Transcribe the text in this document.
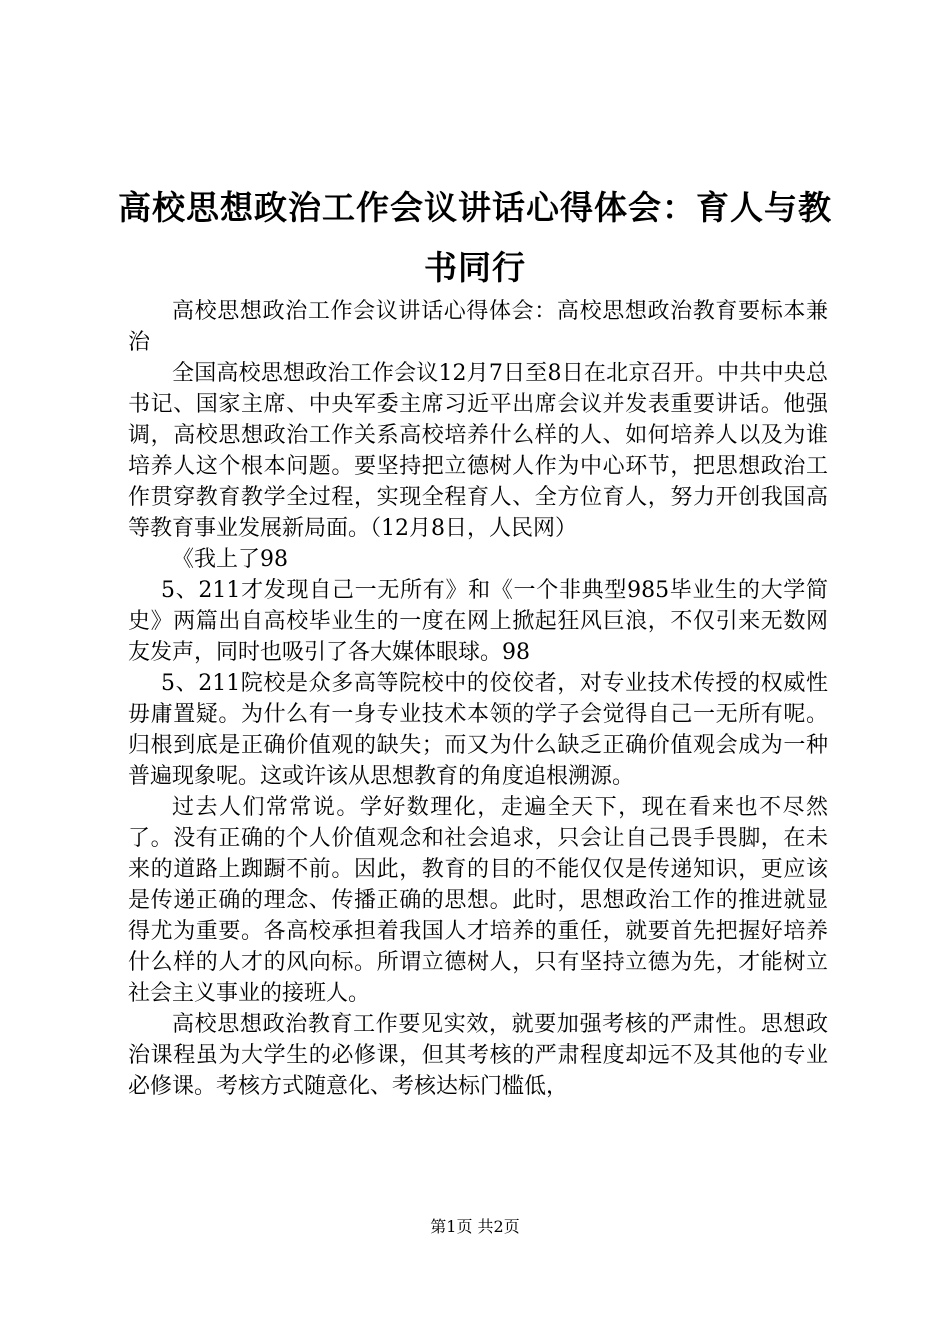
高校思想政治工作会议讲话心得体会：育人与教书同行

高校思想政治工作会议讲话心得体会：高校思想政治教育要标本兼治

全国高校思想政治工作会议12月7日至8日在北京召开。中共中央总书记、国家主席、中央军委主席习近平出席会议并发表重要讲话。他强调，高校思想政治工作关系高校培养什么样的人、如何培养人以及为谁培养人这个根本问题。要坚持把立德树人作为中心环节，把思想政治工作贯穿教育教学全过程，实现全程育人、全方位育人，努力开创我国高等教育事业发展新局面。（12月8日，人民网）

《我上了98

5、211才发现自己一无所有》和《一个非典型985毕业生的大学简史》两篇出自高校毕业生的一度在网上掀起狂风巨浪，不仅引来无数网友发声，同时也吸引了各大媒体眼球。98

5、211院校是众多高等院校中的佼佼者，对专业技术传授的权威性毋庸置疑。为什么有一身专业技术本领的学子会觉得自己一无所有呢。归根到底是正确价值观的缺失；而又为什么缺乏正确价值观会成为一种普遍现象呢。这或许该从思想教育的角度追根溯源。

过去人们常常说。学好数理化，走遍全天下，现在看来也不尽然了。没有正确的个人价值观念和社会追求，只会让自己畏手畏脚，在未来的道路上踟蹰不前。因此，教育的目的不能仅仅是传递知识，更应该是传递正确的理念、传播正确的思想。此时，思想政治工作的推进就显得尤为重要。各高校承担着我国人才培养的重任，就要首先把握好培养什么样的人才的风向标。所谓立德树人，只有坚持立德为先，才能树立社会主义事业的接班人。

高校思想政治教育工作要见实效，就要加强考核的严肃性。思想政治课程虽为大学生的必修课，但其考核的严肃程度却远不及其他的专业必修课。考核方式随意化、考核达标门槛低，

第1页 共2页
